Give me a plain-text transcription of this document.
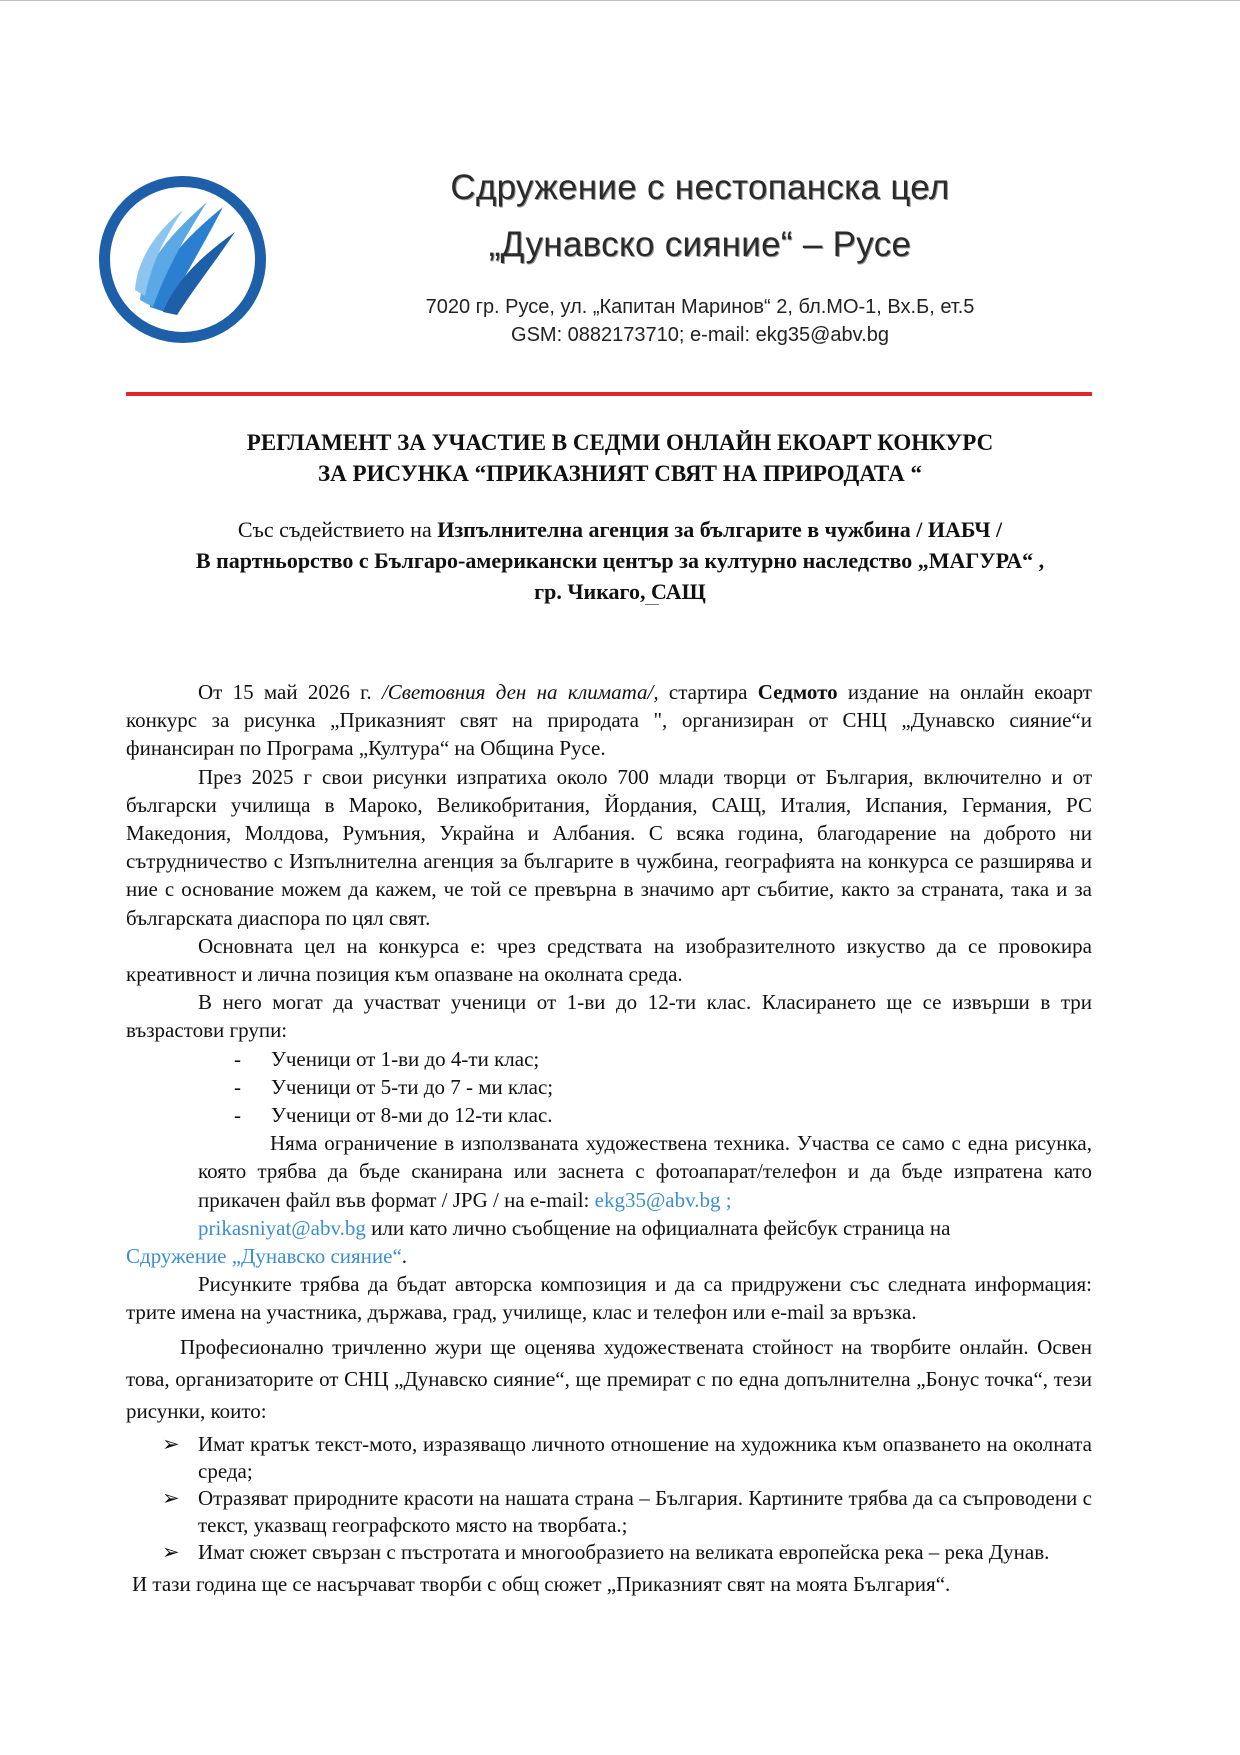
Сдружение с нестопанска цел
„Дунавско сияние“ – Русе
7020 гр. Русе, ул. „Капитан Маринов“ 2, бл.МО-1, Вх.Б, ет.5
GSM: 0882173710; e-mail: ekg35@abv.bg
РЕГЛАМЕНТ ЗА УЧАСТИЕ В СЕДМИ ОНЛАЙН ЕКОАРТ КОНКУРС
ЗА РИСУНКА “ПРИКАЗНИЯТ СВЯТ НА ПРИРОДАТА “
Със съдействието на Изпълнителна агенция за българите в чужбина / ИАБЧ /
В партньорство с Българо-американски център за културно наследство „МАГУРА“ ,
гр. Чикаго, САЩ

От 15 май 2026 г. /Световния ден на климата/, стартира Седмото издание на онлайн екоарт конкурс за рисунка „Приказният свят на природата ", организиран от СНЦ „Дунавско сияние“и финансиран по Програма „Култура“ на Община Русе.

През 2025 г свои рисунки изпратиха около 700 млади творци от България, включително и от български училища в Мароко, Великобритания, Йордания, САЩ, Италия, Испания, Германия, РС Македония, Молдова, Румъния, Украйна и Албания. С всяка година, благодарение на доброто ни сътрудничество с Изпълнителна агенция за българите в чужбина, географията на конкурса се разширява и ние с основание можем да кажем, че той се превърна в значимо арт събитие, както за страната, така и за българската диаспора по цял свят.

Основната цел на конкурса е: чрез средствата на изобразителното изкуство да се провокира креативност и лична позиция към опазване на околната среда.

В него могат да участват ученици от 1-ви до 12-ти клас. Класирането ще се извърши в три възрастови групи:

- Ученици от 1-ви до 4-ти клас;
- Ученици от 5-ти до 7 - ми клас;
- Ученици от 8-ми до 12-ти клас.

Няма ограничение в използваната художествена техника. Участва се само с една рисунка, която трябва да бъде сканирана или заснета с фотоапарат/телефон и да бъде изпратена като прикачен файл във формат / JPG / на e-mail: ekg35@abv.bg ;
prikasniyat@abv.bg или като лично съобщение на официалната фейсбук страница на

Сдружение „Дунавско сияние“.

Рисунките трябва да бъдат авторска композиция и да са придружени със следната информация: трите имена на участника, държава, град, училище, клас и телефон или e-mail за връзка.

Професионално тричленно жури ще оценява художествената стойност на творбите онлайн. Освен това, организаторите от СНЦ „Дунавско сияние“, ще премират с по една допълнителна „Бонус точка“, тези рисунки, които:

➢ Имат кратък текст-мото, изразяващо личното отношение на художника към опазването на околната среда;
➢ Отразяват природните красоти на нашата страна – България. Картините трябва да са съпроводени с текст, указващ географското място на творбата.;
➢ Имат сюжет свързан с пъстротата и многообразието на великата европейска река – река Дунав.

И тази година ще се насърчават творби с общ сюжет „Приказният свят на моята България“.
